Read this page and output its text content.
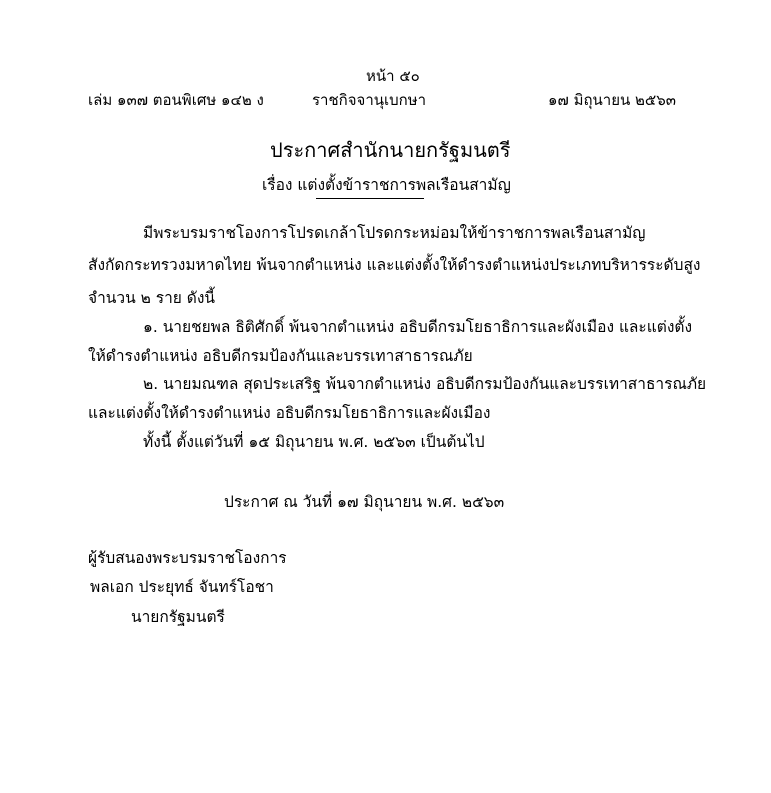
หน้า ๕๐
เล่ม ๑๓๗ ตอนพิเศษ ๑๔๒ ง	ราชกิจจานุเบกษา	๑๗ มิถุนายน ๒๕๖๓
ประกาศสำนักนายกรัฐมนตรี
เรื่อง แต่งตั้งข้าราชการพลเรือนสามัญ
มีพระบรมราชโองการโปรดเกล้าโปรดกระหม่อมให้ข้าราชการพลเรือนสามัญ
สังกัดกระทรวงมหาดไทย พ้นจากตำแหน่ง และแต่งตั้งให้ดำรงตำแหน่งประเภทบริหารระดับสูง
จำนวน ๒ ราย ดังนี้
๑. นายชยพล ธิติศักดิ์ พ้นจากตำแหน่ง อธิบดีกรมโยธาธิการและผังเมือง และแต่งตั้ง
ให้ดำรงตำแหน่ง อธิบดีกรมป้องกันและบรรเทาสาธารณภัย
๒. นายมณฑล สุดประเสริฐ พ้นจากตำแหน่ง อธิบดีกรมป้องกันและบรรเทาสาธารณภัย
และแต่งตั้งให้ดำรงตำแหน่ง อธิบดีกรมโยธาธิการและผังเมือง
ทั้งนี้ ตั้งแต่วันที่ ๑๕ มิถุนายน พ.ศ. ๒๕๖๓ เป็นต้นไป
ประกาศ ณ วันที่ ๑๗ มิถุนายน พ.ศ. ๒๕๖๓
ผู้รับสนองพระบรมราชโองการ
พลเอก ประยุทธ์ จันทร์โอชา
นายกรัฐมนตรี
